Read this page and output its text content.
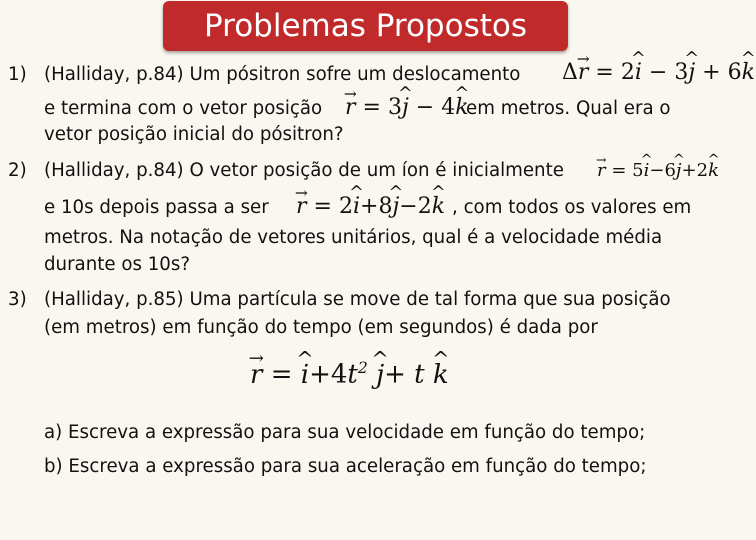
Problemas Propostos
1) (Halliday, p.84) Um pósitron sofre um deslocamento Δ→ r = 2^ i − 3^ j + 6^ k
e termina com o vetor posição → r = 3^ j − 4^ k
em metros. Qual era o
vetor posição inicial do pósitron?
2) (Halliday, p.84) O vetor posição de um íon é inicialmente → r = 5^ i−6^ j+2^ k
e 10s depois passa a ser → r = 2^ i+8^ j−2^ k , com todos os valores em
metros. Na notação de vetores unitários, qual é a velocidade média
durante os 10s?
3) (Halliday, p.85) Uma partícula se move de tal forma que sua posição
(em metros) em função do tempo (em segundos) é dada por
→ r = ^ $i+4t^2$ ^ j+ t ^ k
a) Escreva a expressão para sua velocidade em função do tempo;
b) Escreva a expressão para sua aceleração em função do tempo;
